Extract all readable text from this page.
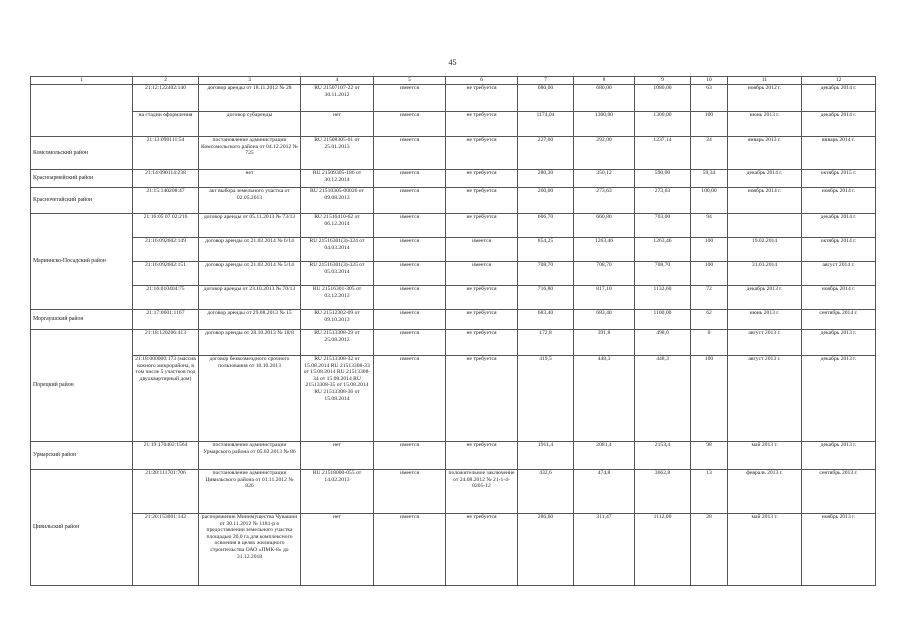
45
1	2	3	4	5	6	7	8	9	10	11	12
	21:12:122402:140	договор аренды от 18.11.2012 № 28	RU 21507107-22 от 30.11.2012	имеется	не требуется	680,00	680,00	1080,00	63	ноябрь 2012 г.	декабрь 2014 г.
	на стадии оформления	договор субаренды	нет	имеется	не требуется	1174,04	1300,00	1300,00	100	июнь 2013 г.	декабрь 2014 г.
Комсомольский район	21:13:090111:54	постановление администрации Комсомольского района от 04.12.2012 № 725	RU 21508305-01 от 25.01.2013	имеется	не требуется	227,00	292,00	1237,14	24	январь 2013 г.	январь 2014 г.
Красноармейский район	21:14:090114:238	нет	RU 21509305-186 от 30.12.2014	имеется	не требуется	280,30	350,12	590,00	59,34	декабрь 2014 г.	октябрь 2015 г.
Красночетайский район	21:15:140208:47	акт выбора земельного участка от 02.05.2013	RU 21510305-00026 от 09.08.2013	имеется	не требуется	260,00	273,63	273,63	100,00	ноябрь 2014 г.	ноябрь 2014 г.
Мариинско-Посадский район	21:16:05 07 02:216	договор аренды от 05.11.2013 № 73/13	RU 21516410-62 от 06.12.2014	имеется	не требуется	606,70	660,80	703,00	94		декабрь 2014 г.
	21:16:092602:149	договор аренды от 21.02.2014 № 6/14	RU 21516301(3)-324 от 04.03.2014	имеется	имеется	854,25	1263,46	1263,46	100	19.02.2014	октябрь 2014 г.
	21:16:092602:151	договор аренды от 21.02.2014 № 5/14	RU 21516301(3)-325 от 05.03.2014	имеется	имеется	708,70	708,70	708,70	100	31.03.2014	август 2014 г.
	21:16:010404:75	договор аренды от 23.10.2013 № 70/13	RU 21516301-305 от 03.12.2013	имеется	не требуется	716,80	817,10	1132,60	72	декабрь 2013 г.	ноябрь 2014 г.
Моргаушский район	21:17:0601:1167	договор аренды от 29.08.2013 № 15	RU 21512302-09 от 09.10.2013	имеется	не требуется	683,40	683,40	1100,00	62	июнь 2013 г.	сентябрь 2014 г.
Порецкий район	21:18:120206:413	договор аренды от 28.10.2013 № 18/8	RU 21513308-29 от 25.08.2012	имеется	не требуется	172,8	391,8	498,0	0	август 2013 г.	декабрь 2013 г.
	21:18:000000:173 (массив южного микрорайона, в том числе 5 участков под двухквартирный дом)	договор безвозмездного срочного пользования от 10.10.2013	RU 21513308-32 от 15.08.2014 RU 21513308-33 от 15.08.2014 RU 21513308-34 от 15.08.2014 RU 21513308-35 от 15.08.2014 RU 21513308-36 от 15.08.2014	имеется	не требуется	419,5	448,3	448,3	100	август 2013 г.	декабрь 2013 г.
Урмарский район	21:19:170402:1564	постановление администрации Урмарского района от 05.02.2013 № 86	нет	имеется	не требуется	1911,4	2081,4	2153,4	98	май 2013 г.	декабрь 2013 г.
Цивильский район	21:20:111701:706	постановление администрации Цивильского района от 01.11.2012 № 826	RU 21518000-055 от 14.02.2013	имеется	положительное заключение от 24.08.2012 № 21-1-4-0205-12	432,6	474,8	3662,8	13	февраль 2013 г.	сентябрь 2013 г.
	21:20:153001:142	распоряжение Минимущества Чувашии от 30.11.2012 № 1181-р о предоставлении земельного участка площадью 20,0 га для комплексного освоения в целях жилищного строительства ОАО «ПМК-8» до 31.12.2018	нет	имеется	не требуется	286,60	311,47	1112,00	28	май 2013 г.	ноябрь 2013 г.
